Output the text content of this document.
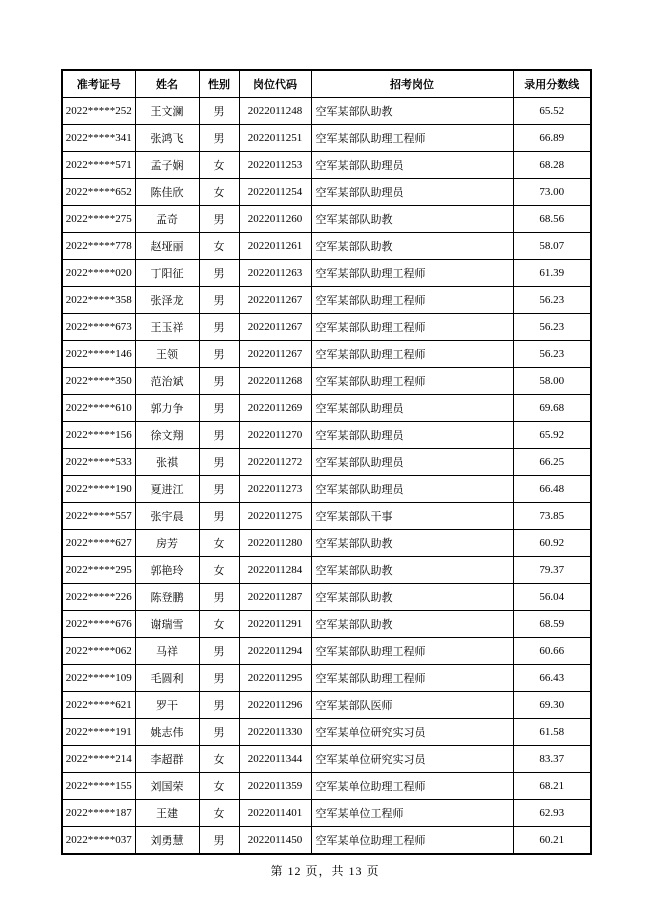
准考证号	姓名	性别	岗位代码	招考岗位	录用分数线
2022*****252	王文澜	男	2022011248	空军某部队助教	65.52
2022*****341	张鸿飞	男	2022011251	空军某部队助理工程师	66.89
2022*****571	孟子娴	女	2022011253	空军某部队助理员	68.28
2022*****652	陈佳欣	女	2022011254	空军某部队助理员	73.00
2022*****275	孟奇	男	2022011260	空军某部队助教	68.56
2022*****778	赵垭丽	女	2022011261	空军某部队助教	58.07
2022*****020	丁阳征	男	2022011263	空军某部队助理工程师	61.39
2022*****358	张泽龙	男	2022011267	空军某部队助理工程师	56.23
2022*****673	王玉祥	男	2022011267	空军某部队助理工程师	56.23
2022*****146	王领	男	2022011267	空军某部队助理工程师	56.23
2022*****350	范治斌	男	2022011268	空军某部队助理工程师	58.00
2022*****610	郭力争	男	2022011269	空军某部队助理员	69.68
2022*****156	徐文翔	男	2022011270	空军某部队助理员	65.92
2022*****533	张祺	男	2022011272	空军某部队助理员	66.25
2022*****190	夏进江	男	2022011273	空军某部队助理员	66.48
2022*****557	张宇晨	男	2022011275	空军某部队干事	73.85
2022*****627	房芳	女	2022011280	空军某部队助教	60.92
2022*****295	郭艳玲	女	2022011284	空军某部队助教	79.37
2022*****226	陈登鹏	男	2022011287	空军某部队助教	56.04
2022*****676	谢瑞雪	女	2022011291	空军某部队助教	68.59
2022*****062	马祥	男	2022011294	空军某部队助理工程师	60.66
2022*****109	毛圆利	男	2022011295	空军某部队助理工程师	66.43
2022*****621	罗干	男	2022011296	空军某部队医师	69.30
2022*****191	姚志伟	男	2022011330	空军某单位研究实习员	61.58
2022*****214	李超群	女	2022011344	空军某单位研究实习员	83.37
2022*****155	刘国荣	女	2022011359	空军某单位助理工程师	68.21
2022*****187	王建	女	2022011401	空军某单位工程师	62.93
2022*****037	刘勇慧	男	2022011450	空军某单位助理工程师	60.21
第 12 页，共 13 页
